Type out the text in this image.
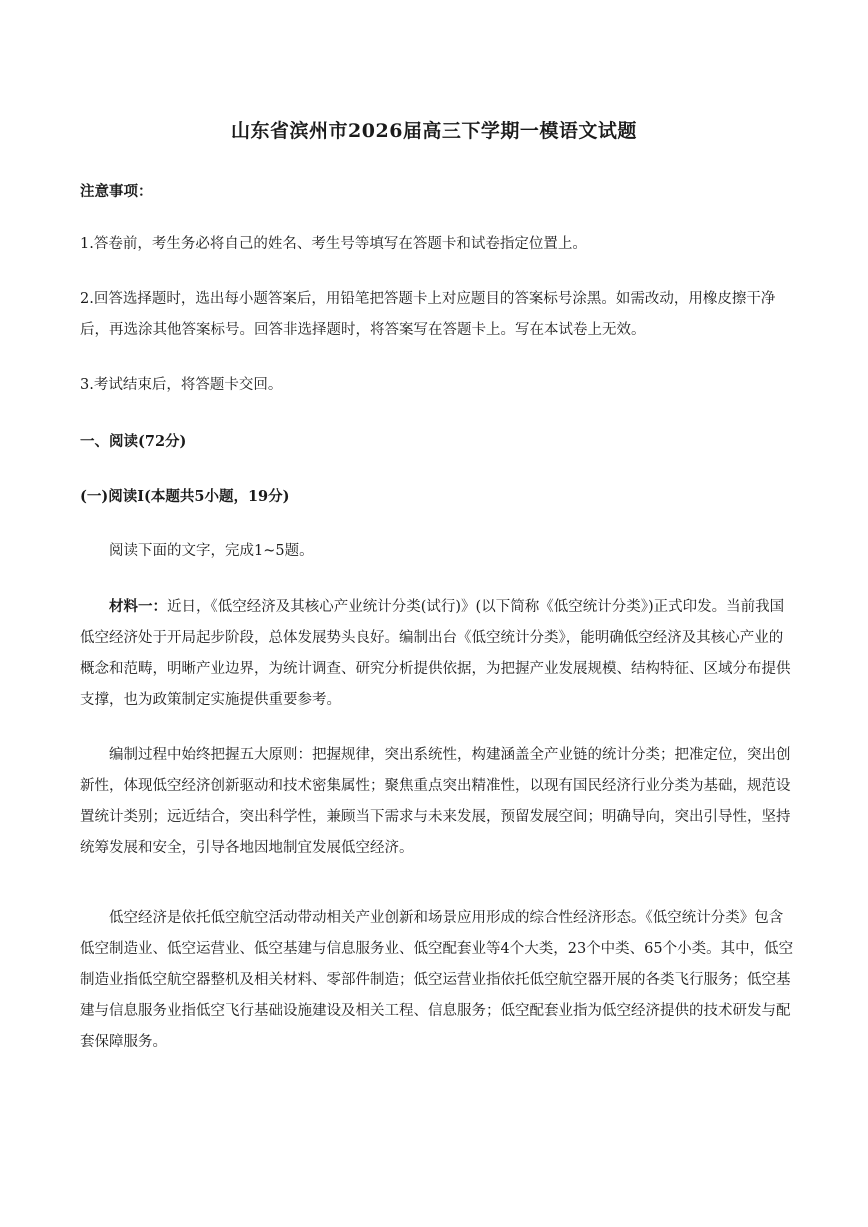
山东省滨州市2026届高三下学期一模语文试题
注意事项：
1.答卷前，考生务必将自己的姓名、考生号等填写在答题卡和试卷指定位置上。
2.回答选择题时，选出每小题答案后，用铅笔把答题卡上对应题目的答案标号涂黑。如需改动，用橡皮擦干净后，再选涂其他答案标号。回答非选择题时，将答案写在答题卡上。写在本试卷上无效。
3.考试结束后，将答题卡交回。
一、阅读(72分)
(一)阅读Ⅰ(本题共5小题，19分)
阅读下面的文字，完成1~5题。
材料一：近日，《低空经济及其核心产业统计分类(试行)》(以下简称《低空统计分类》)正式印发。当前我国低空经济处于开局起步阶段，总体发展势头良好。编制出台《低空统计分类》，能明确低空经济及其核心产业的概念和范畴，明晰产业边界，为统计调查、研究分析提供依据，为把握产业发展规模、结构特征、区域分布提供支撑，也为政策制定实施提供重要参考。
编制过程中始终把握五大原则：把握规律，突出系统性，构建涵盖全产业链的统计分类；把准定位，突出创新性，体现低空经济创新驱动和技术密集属性；聚焦重点突出精准性，以现有国民经济行业分类为基础，规范设置统计类别；远近结合，突出科学性，兼顾当下需求与未来发展，预留发展空间；明确导向，突出引导性，坚持统筹发展和安全，引导各地因地制宜发展低空经济。
低空经济是依托低空航空活动带动相关产业创新和场景应用形成的综合性经济形态。《低空统计分类》包含低空制造业、低空运营业、低空基建与信息服务业、低空配套业等4个大类，23个中类、65个小类。其中，低空制造业指低空航空器整机及相关材料、零部件制造；低空运营业指依托低空航空器开展的各类飞行服务；低空基建与信息服务业指低空飞行基础设施建设及相关工程、信息服务；低空配套业指为低空经济提供的技术研发与配套保障服务。
